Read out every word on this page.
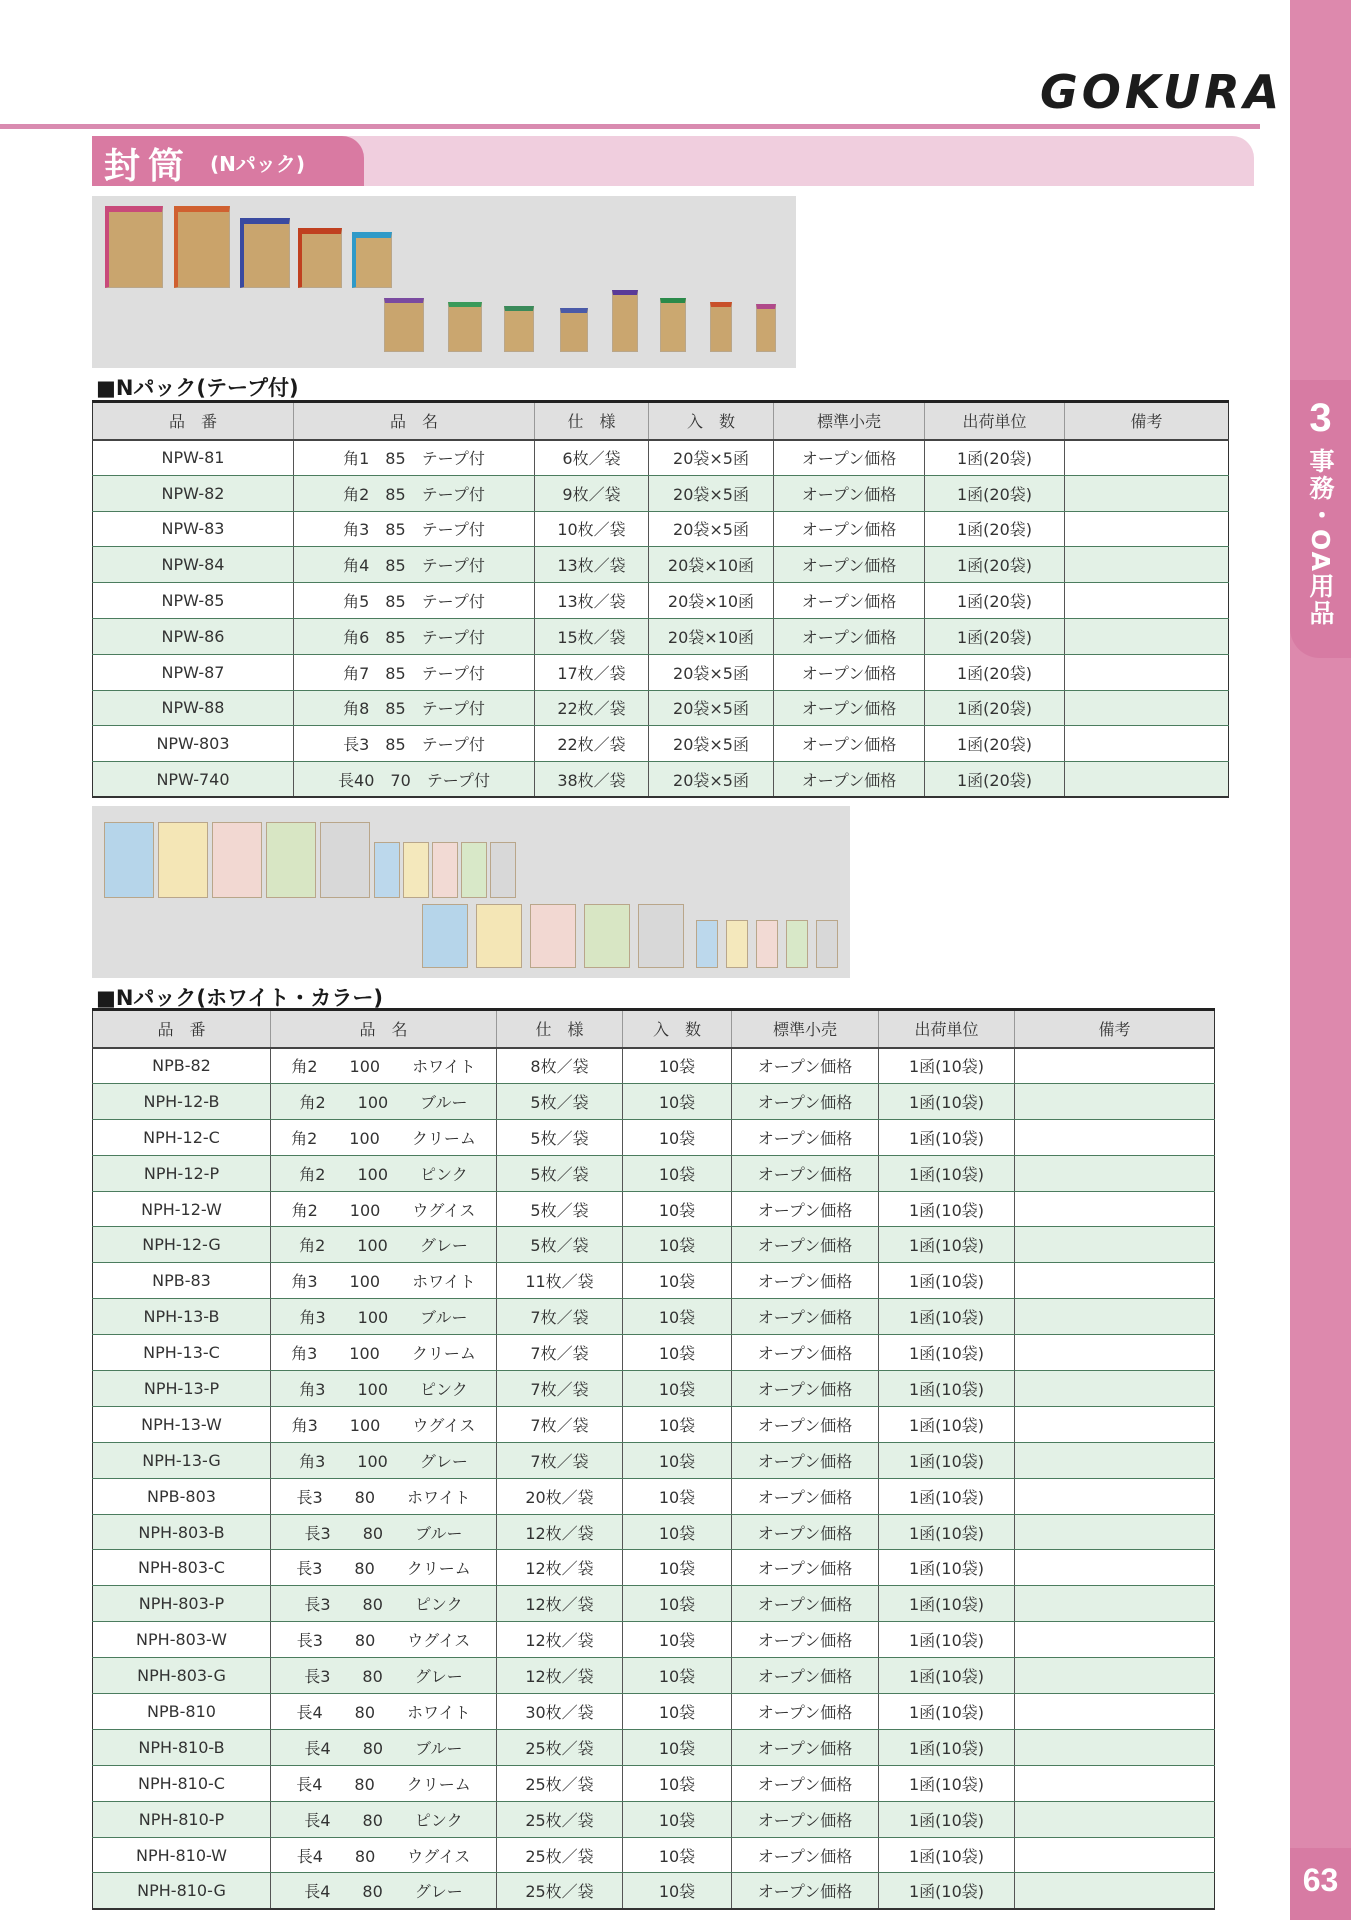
GOKURA
3
事務・OA用品
63
封筒 (Nパック)
■Nパック(テープ付)
品　番	品　名	仕　様	入　数	標準小売	出荷単位	備考
NPW-81	角1　85　テープ付	6枚／袋	20袋×5函	オープン価格	1函(20袋)	
NPW-82	角2　85　テープ付	9枚／袋	20袋×5函	オープン価格	1函(20袋)	
NPW-83	角3　85　テープ付	10枚／袋	20袋×5函	オープン価格	1函(20袋)	
NPW-84	角4　85　テープ付	13枚／袋	20袋×10函	オープン価格	1函(20袋)	
NPW-85	角5　85　テープ付	13枚／袋	20袋×10函	オープン価格	1函(20袋)	
NPW-86	角6　85　テープ付	15枚／袋	20袋×10函	オープン価格	1函(20袋)	
NPW-87	角7　85　テープ付	17枚／袋	20袋×5函	オープン価格	1函(20袋)	
NPW-88	角8　85　テープ付	22枚／袋	20袋×5函	オープン価格	1函(20袋)	
NPW-803	長3　85　テープ付	22枚／袋	20袋×5函	オープン価格	1函(20袋)	
NPW-740	長40　70　テープ付	38枚／袋	20袋×5函	オープン価格	1函(20袋)	
■Nパック(ホワイト・カラー)
品　番	品　名	仕　様	入　数	標準小売	出荷単位	備考
NPB-82	角2　　100　　ホワイト	8枚／袋	10袋	オープン価格	1函(10袋)	
NPH-12-B	角2　　100　　ブルー	5枚／袋	10袋	オープン価格	1函(10袋)	
NPH-12-C	角2　　100　　クリーム	5枚／袋	10袋	オープン価格	1函(10袋)	
NPH-12-P	角2　　100　　ピンク	5枚／袋	10袋	オープン価格	1函(10袋)	
NPH-12-W	角2　　100　　ウグイス	5枚／袋	10袋	オープン価格	1函(10袋)	
NPH-12-G	角2　　100　　グレー	5枚／袋	10袋	オープン価格	1函(10袋)	
NPB-83	角3　　100　　ホワイト	11枚／袋	10袋	オープン価格	1函(10袋)	
NPH-13-B	角3　　100　　ブルー	7枚／袋	10袋	オープン価格	1函(10袋)	
NPH-13-C	角3　　100　　クリーム	7枚／袋	10袋	オープン価格	1函(10袋)	
NPH-13-P	角3　　100　　ピンク	7枚／袋	10袋	オープン価格	1函(10袋)	
NPH-13-W	角3　　100　　ウグイス	7枚／袋	10袋	オープン価格	1函(10袋)	
NPH-13-G	角3　　100　　グレー	7枚／袋	10袋	オープン価格	1函(10袋)	
NPB-803	長3　　80　　ホワイト	20枚／袋	10袋	オープン価格	1函(10袋)	
NPH-803-B	長3　　80　　ブルー	12枚／袋	10袋	オープン価格	1函(10袋)	
NPH-803-C	長3　　80　　クリーム	12枚／袋	10袋	オープン価格	1函(10袋)	
NPH-803-P	長3　　80　　ピンク	12枚／袋	10袋	オープン価格	1函(10袋)	
NPH-803-W	長3　　80　　ウグイス	12枚／袋	10袋	オープン価格	1函(10袋)	
NPH-803-G	長3　　80　　グレー	12枚／袋	10袋	オープン価格	1函(10袋)	
NPB-810	長4　　80　　ホワイト	30枚／袋	10袋	オープン価格	1函(10袋)	
NPH-810-B	長4　　80　　ブルー	25枚／袋	10袋	オープン価格	1函(10袋)	
NPH-810-C	長4　　80　　クリーム	25枚／袋	10袋	オープン価格	1函(10袋)	
NPH-810-P	長4　　80　　ピンク	25枚／袋	10袋	オープン価格	1函(10袋)	
NPH-810-W	長4　　80　　ウグイス	25枚／袋	10袋	オープン価格	1函(10袋)	
NPH-810-G	長4　　80　　グレー	25枚／袋	10袋	オープン価格	1函(10袋)	
